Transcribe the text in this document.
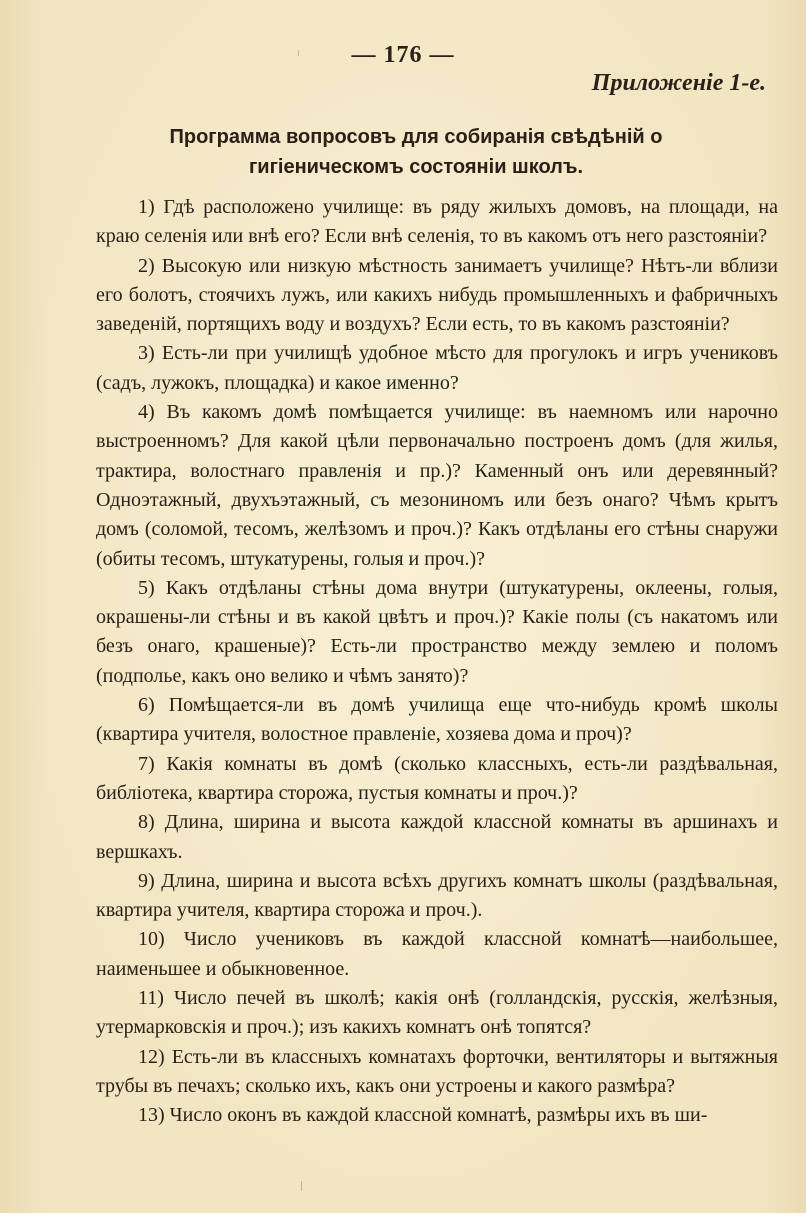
— 176 —
Приложеніе 1-е.
Программа вопросовъ для собиранія свѣдѣній о гигіеническомъ состояніи школъ.

1) Гдѣ расположено училище: въ ряду жилыхъ домовъ, на площади, на краю селенія или внѣ его? Если внѣ селенія, то въ какомъ отъ него разстояніи?

2) Высокую или низкую мѣстность занимаетъ училище? Нѣтъ-ли вблизи его болотъ, стоячихъ лужъ, или какихъ нибудь промышленныхъ и фабричныхъ заведеній, портящихъ воду и воздухъ? Если есть, то въ какомъ разстояніи?

3) Есть-ли при училищѣ удобное мѣсто для прогулокъ и игръ учениковъ (садъ, лужокъ, площадка) и какое именно?

4) Въ какомъ домѣ помѣщается училище: въ наемномъ или нарочно выстроенномъ? Для какой цѣли первоначально построенъ домъ (для жилья, трактира, волостнаго правленія и пр.)? Каменный онъ или деревянный? Одноэтажный, двухъэтажный, съ мезониномъ или безъ онаго? Чѣмъ крытъ домъ (соломой, тесомъ, желѣзомъ и проч.)? Какъ отдѣланы его стѣны снаружи (обиты тесомъ, штукатурены, голыя и проч.)?

5) Какъ отдѣланы стѣны дома внутри (штукатурены, оклеены, голыя, окрашены-ли стѣны и въ какой цвѣтъ и проч.)? Какіе полы (съ накатомъ или безъ онаго, крашеные)? Есть-ли пространство между землею и поломъ (подполье, какъ оно велико и чѣмъ занято)?

6) Помѣщается-ли въ домѣ училища еще что-нибудь кромѣ школы (квартира учителя, волостное правленіе, хозяева дома и проч)?

7) Какія комнаты въ домѣ (сколько классныхъ, есть-ли раздѣвальная, библіотека, квартира сторожа, пустыя комнаты и проч.)?

8) Длина, ширина и высота каждой классной комнаты въ аршинахъ и вершкахъ.

9) Длина, ширина и высота всѣхъ другихъ комнатъ школы (раздѣвальная, квартира учителя, квартира сторожа и проч.).

10) Число учениковъ въ каждой классной комнатѣ—наибольшее, наименьшее и обыкновенное.

11) Число печей въ школѣ; какія онѣ (голландскія, русскія, желѣзныя, утермарковскія и проч.); изъ какихъ комнатъ онѣ топятся?

12) Есть-ли въ классныхъ комнатахъ форточки, вентиляторы и вытяжныя трубы въ печахъ; сколько ихъ, какъ они устроены и какого размѣра?

13) Число оконъ въ каждой классной комнатѣ, размѣры ихъ въ ши-
